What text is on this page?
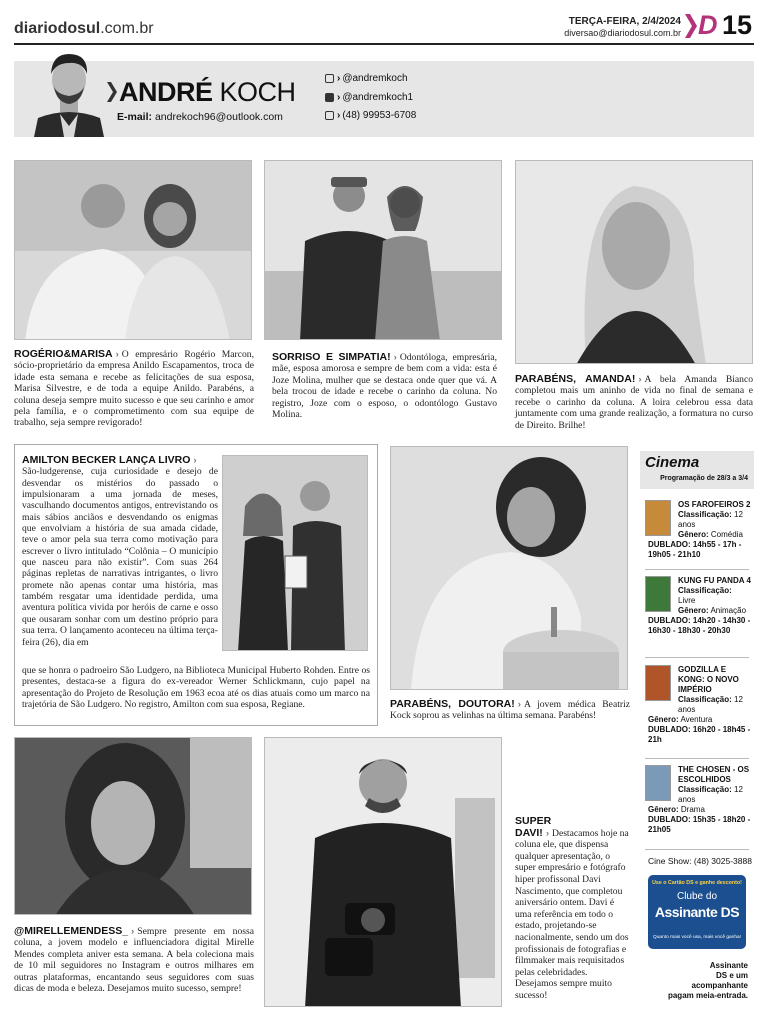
diariodosul.com.br	TERÇA-FEIRA, 2/4/2024
diversao@diariodosul.com.br D 15
ANDRÉ KOCH
E-mail: andrekoch96@outlook.com
› @andremkoch
› @andremkoch1
› (48) 99953-6708
ROGÉRIO&MARISA › O empresário Rogério Marcon, sócio-proprietário da empresa Anildo Escapamentos, troca de idade esta semana e recebe as felicitações de sua esposa, Marisa Silvestre, e de toda a equipe Anildo. Parabéns, a coluna deseja sempre muito sucesso e que seu carinho e amor pela família, e o comprometimento com sua equipe de trabalho, seja sempre revigorado!
SORRISO E SIMPATIA! › Odontóloga, empresária, mãe, esposa amorosa e sempre de bem com a vida: esta é Joze Molina, mulher que se destaca onde quer que vá. A bela trocou de idade e recebe o carinho da coluna. No registro, Joze com o esposo, o odontólogo Gustavo Molina.
PARABÉNS, AMANDA! › A bela Amanda Bianco completou mais um aninho de vida no final de semana e recebe o carinho da coluna. A loira celebrou essa data juntamente com uma grande realização, a formatura no curso de Direito. Brilhe!
AMILTON BECKER LANÇA LIVRO ›
São-ludgerense, cuja curiosidade e desejo de desvendar os mistérios do passado o impulsionaram a uma jornada de meses, vasculhando documentos antigos, entrevistando os mais sábios anciãos e desvendando os enigmas que envolviam a história de sua amada cidade, teve o amor pela sua terra como motivação para escrever o livro intitulado “Colônia – O município que nasceu para não existir”. Com suas 264 páginas repletas de narrativas intrigantes, o livro promete não apenas contar uma história, mas também resgatar uma identidade perdida, uma aventura política vivida por heróis de carne e osso que ousaram sonhar com um destino próprio para sua terra. O lançamento aconteceu na última terça-feira (26), dia em
que se honra o padroeiro São Ludgero, na Biblioteca Municipal Huberto Rohden. Entre os presentes, destaca-se a figura do ex-vereador Werner Schlickmann, cujo papel na apresentação do Projeto de Resolução em 1963 ecoa até os dias atuais como um marco na trajetória de São Ludgero. No registro, Amilton com sua esposa, Regiane.	PARABÉNS, DOUTORA! › A jovem médica Beatriz Kock soprou as velinhas na última semana. Parabéns!
@MIRELLEMENDESS_ › Sempre presente em nossa coluna, a jovem modelo e influenciadora digital Mirelle Mendes completa aniver esta semana. A bela coleciona mais de 10 mil seguidores no Instagram e outros milhares em outras plataformas, encantando seus seguidores com suas dicas de moda e beleza. Desejamos muito sucesso, sempre!
SUPER DAVI! › Destacamos hoje na coluna ele, que dispensa qualquer apresentação, o super empresário e fotógrafo hiper profissonal Davi Nascimento, que completou aniversário ontem. Davi é uma referência em todo o estado, projetando-se nacionalmente, sendo um dos profissionais de fotografias e filmmaker mais requisitados pelas celebridades. Desejamos sempre muito sucesso!
Cinema
Programação de 28/3 a 3/4
OS FAROFEIROS 2
Classificação: 12 anos
Gênero: Comédia
DUBLADO: 14h55 - 17h - 19h05 - 21h10
KUNG FU PANDA 4
Classificação:
Livre
Gênero: Animação
DUBLADO: 14h20 - 14h30 - 16h30 - 18h30 - 20h30
GODZILLA E KONG: O NOVO IMPÉRIO
Classificação: 12 anos
Gênero: Aventura
DUBLADO: 16h20 - 18h45 - 21h
THE CHOSEN - OS ESCOLHIDOS
Classificação: 12 anos
Gênero: Drama
DUBLADO: 15h35 - 18h20 - 21h05
Cine Show: (48) 3025-3888
Use o Cartão DS e ganhe desconto!
Clube do
Assinante DS
Quanto mais você usa, mais você ganha!
Assinante
DS e um
acompanhante
pagam meia-entrada.
